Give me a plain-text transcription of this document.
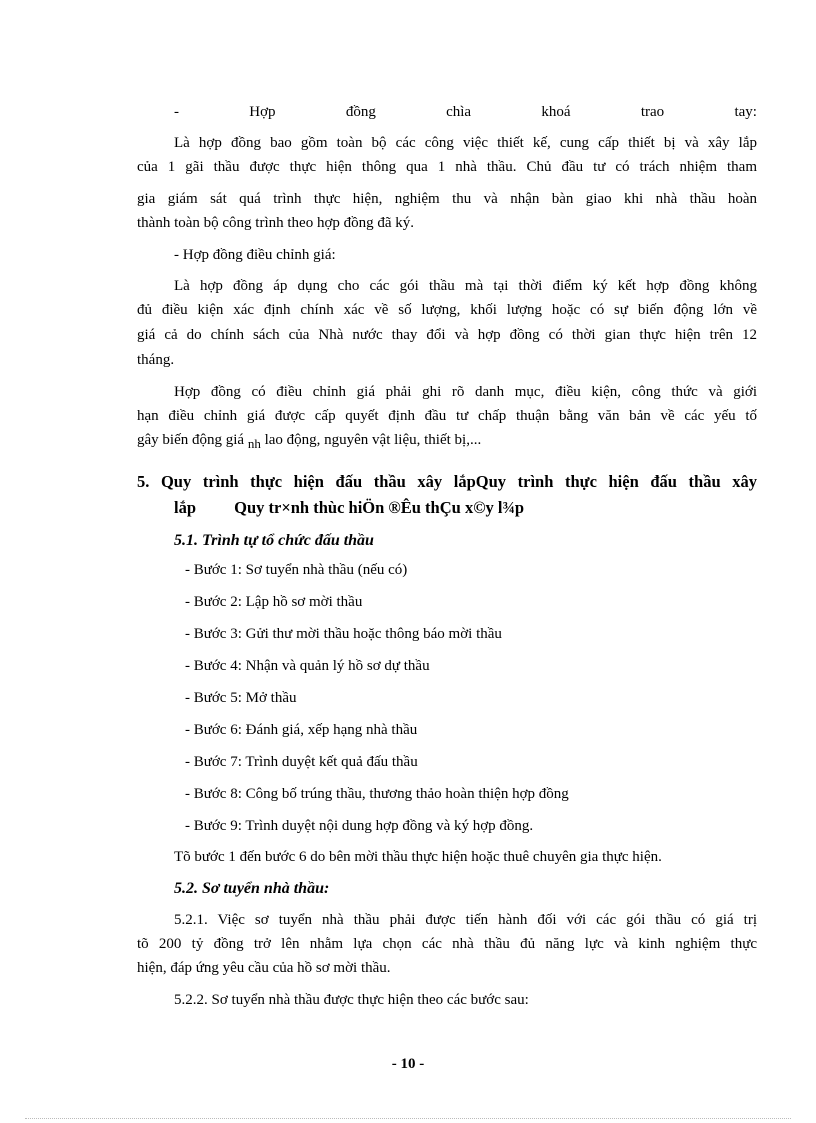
-	Hợp	đồng	chìa	khoá	trao	tay:
Là hợp đồng bao gồm toàn bộ các công việc thiết kế, cung cấp thiết bị và xây lắp
của 1 gãi thầu được thực hiện thông qua 1 nhà thầu. Chủ đầu tư có trách nhiệm tham
gia giám sát quá trình thực hiện, nghiệm thu và nhận bàn giao khi nhà thầu hoàn
thành toàn bộ công trình theo hợp đồng đã ký.
- Hợp đồng điều chỉnh giá:
Là hợp đồng áp dụng cho các gói thầu mà tại thời điểm ký kết hợp đồng không
đủ điều kiện xác định chính xác về số lượng, khối lượng hoặc có sự biến động lớn về
giá cả do chính sách của Nhà nước thay đổi và hợp đồng có thời gian thực hiện trên 12
tháng.
Hợp đồng có điều chỉnh giá phải ghi rõ danh mục, điều kiện, công thức và giới
hạn điều chỉnh giá được cấp quyết định đầu tư chấp thuận bằng văn bản về các yếu tố
gây biến động giá nh lao động, nguyên vật liệu, thiết bị,...
5. Quy trình thực hiện đấu thầu xây lắpQuy trình thực hiện đấu thầu xây
lắp Quy tr×nh thùc hiÖn ®Êu thÇu x©y l¾p
5.1. Trình tự tổ chức đấu thầu
- Bước 1: Sơ tuyển nhà thầu (nếu có)
- Bước 2: Lập hồ sơ mời thầu
- Bước 3: Gửi thư mời thầu hoặc thông báo mời thầu
- Bước 4: Nhận và quản lý hồ sơ dự thầu
- Bước 5: Mở thầu
- Bước 6: Đánh giá, xếp hạng nhà thầu
- Bước 7: Trình duyệt kết quả đấu thầu
- Bước 8: Công bố trúng thầu, thương thảo hoàn thiện hợp đồng
- Bước 9: Trình duyệt nội dung hợp đồng và ký hợp đồng.
Tõ bước 1 đến bước 6 do bên mời thầu thực hiện hoặc thuê chuyên gia thực hiện.
5.2. Sơ tuyển nhà thầu:
5.2.1. Việc sơ tuyển nhà thầu phải được tiến hành đối với các gói thầu có giá trị
tõ 200 tỷ đồng trở lên nhằm lựa chọn các nhà thầu đủ năng lực và kinh nghiệm thực
hiện, đáp ứng yêu cầu của hồ sơ mời thầu.
5.2.2. Sơ tuyển nhà thầu được thực hiện theo các bước sau:
- 10 -
